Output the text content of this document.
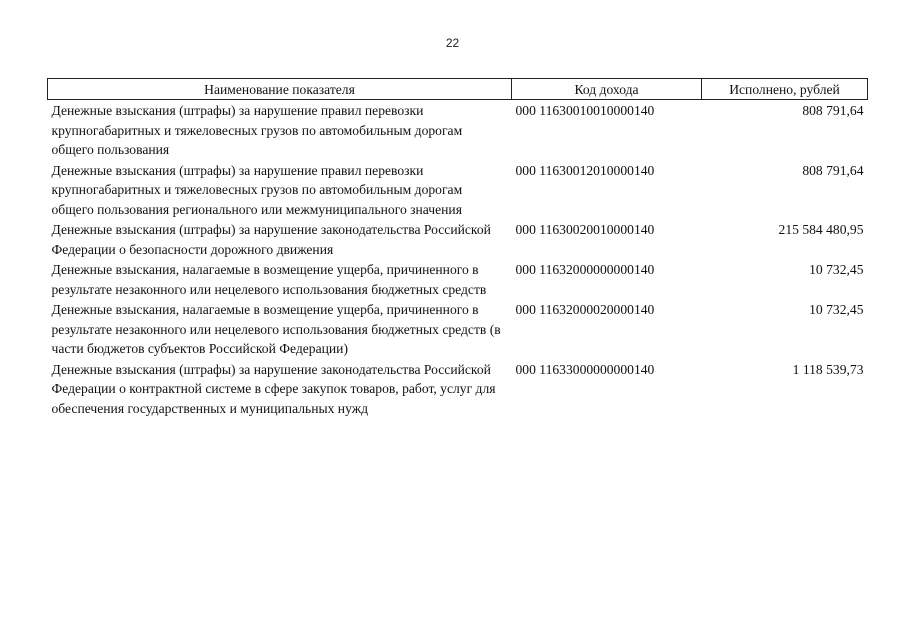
22
Наименование показателя	Код дохода	Исполнено, рублей
Денежные взыскания (штрафы) за нарушение правил перевозки крупногабаритных и тяжеловесных грузов по автомобильным дорогам общего пользования	000 11630010010000140	808 791,64
Денежные взыскания (штрафы) за нарушение правил перевозки крупногабаритных и тяжеловесных грузов по автомобильным дорогам общего пользования регионального или межмуниципального значения	000 11630012010000140	808 791,64
Денежные взыскания (штрафы) за нарушение законодательства Российской Федерации о безопасности дорожного движения	000 11630020010000140	215 584 480,95
Денежные взыскания, налагаемые в возмещение ущерба, причиненного в результате незаконного или нецелевого использования бюджетных средств	000 11632000000000140	10 732,45
Денежные взыскания, налагаемые в возмещение ущерба, причиненного в результате незаконного или нецелевого использования бюджетных средств (в части бюджетов субъектов Российской Федерации)	000 11632000020000140	10 732,45
Денежные взыскания (штрафы) за нарушение законодательства Российской Федерации о контрактной системе в сфере закупок товаров, работ, услуг для обеспечения государственных и муниципальных нужд	000 11633000000000140	1 118 539,73
